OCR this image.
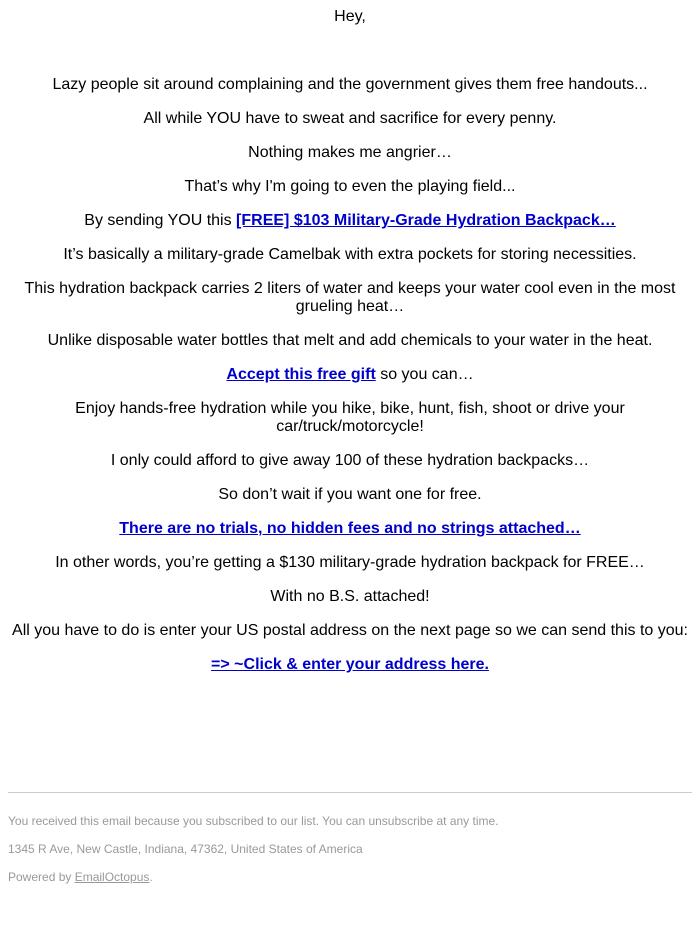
Hey,

Lazy people sit around complaining and the government gives them free handouts...

All while YOU have to sweat and sacrifice for every penny.

Nothing makes me angrier…

That’s why I'm going to even the playing field...

By sending YOU this [FREE] $103 Military-Grade Hydration Backpack…

It’s basically a military-grade Camelbak with extra pockets for storing necessities.

This hydration backpack carries 2 liters of water and keeps your water cool even in the most grueling heat…

Unlike disposable water bottles that melt and add chemicals to your water in the heat.

Accept this free gift so you can…

Enjoy hands-free hydration while you hike, bike, hunt, fish, shoot or drive your car/truck/motorcycle!

I only could afford to give away 100 of these hydration backpacks…

So don’t wait if you want one for free.

There are no trials, no hidden fees and no strings attached…

In other words, you’re getting a $130 military-grade hydration backpack for FREE…

With no B.S. attached!

All you have to do is enter your US postal address on the next page so we can send this to you:

=> ~Click & enter your address here.

You received this email because you subscribed to our list. You can unsubscribe at any time.
1345 R Ave, New Castle, Indiana, 47362, United States of America
Powered by EmailOctopus.
